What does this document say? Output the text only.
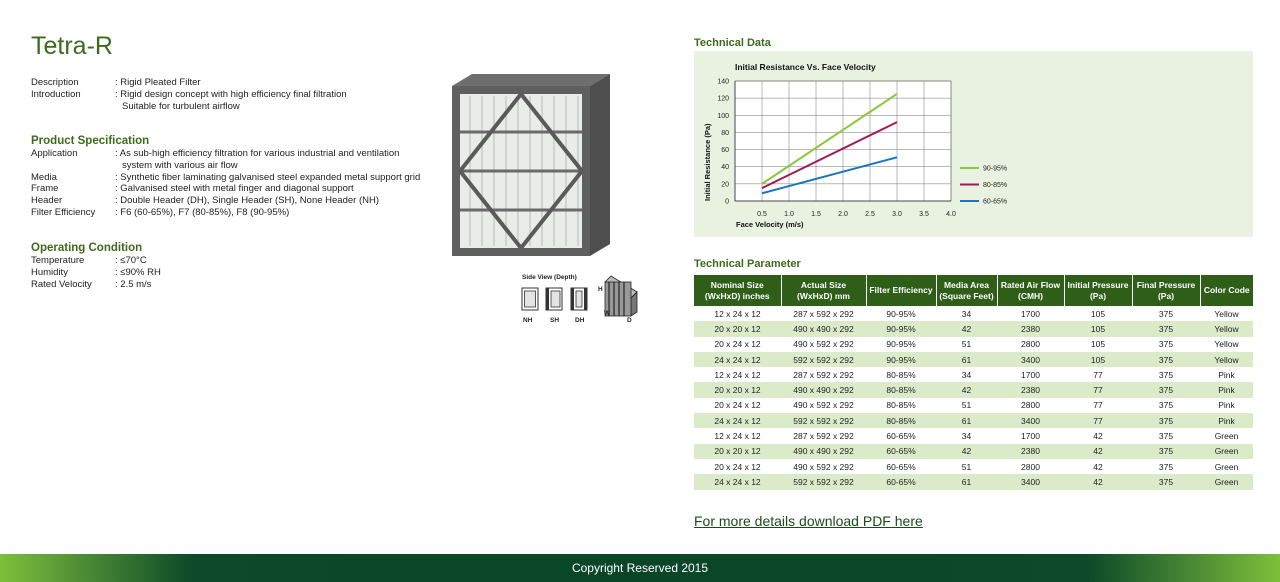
Tetra-R
Description	: Rigid Pleated Filter
Introduction	: Rigid design concept with high efficiency final filtration
Suitable for turbulent airflow
Product Specification
Application	: As sub-high efficiency filtration for various industrial and ventilation
system with various air flow
Media	: Synthetic fiber laminating galvanised steel expanded metal support grid
Frame	: Galvanised steel with metal finger and diagonal support
Header	: Double Header (DH), Single Header (SH), None Header (NH)
Filter Efficiency	: F6 (60-65%), F7 (80-85%), F8 (90-95%)
Operating Condition
Temperature	: ≤70°C
Humidity	: ≤90% RH
Rated Velocity	: 2.5 m/s
Side View (Depth)
NH	SH DH
H
W
D
Technical Data
Initial Resistance Vs. Face Velocity
0
20
40
60
80
100
120
140
0.5 1.0 1.5 2.0 2.5 3.0 3.5 4.0
Face Velocity (m/s)
Initial Resistance (Pa)	90-95%
80-85%
60-65%
Technical Parameter
Nominal Size
(WxHxD) inches	Actual Size
(WxHxD) mm	Filter Efficiency	Media Area
(Square Feet)	Rated Air Flow
(CMH)	Initial Pressure
(Pa)	Final Pressure
(Pa)	Color Code
12 x 24 x 12	287 x 592 x 292	90-95%	34	1700	105	375	Yellow
20 x 20 x 12	490 x 490 x 292	90-95%	42	2380	105	375	Yellow
20 x 24 x 12	490 x 592 x 292	90-95%	51	2800	105	375	Yellow
24 x 24 x 12	592 x 592 x 292	90-95%	61	3400	105	375	Yellow
12 x 24 x 12	287 x 592 x 292	80-85%	34	1700	77	375	Pink
20 x 20 x 12	490 x 490 x 292	80-85%	42	2380	77	375	Pink
20 x 24 x 12	490 x 592 x 292	80-85%	51	2800	77	375	Pink
24 x 24 x 12	592 x 592 x 292	80-85%	61	3400	77	375	Pink
12 x 24 x 12	287 x 592 x 292	60-65%	34	1700	42	375	Green
20 x 20 x 12	490 x 490 x 292	60-65%	42	2380	42	375	Green
20 x 24 x 12	490 x 592 x 292	60-65%	51	2800	42	375	Green
24 x 24 x 12	592 x 592 x 292	60-65%	61	3400	42	375	Green
For more details download PDF here
Copyright Reserved 2015
